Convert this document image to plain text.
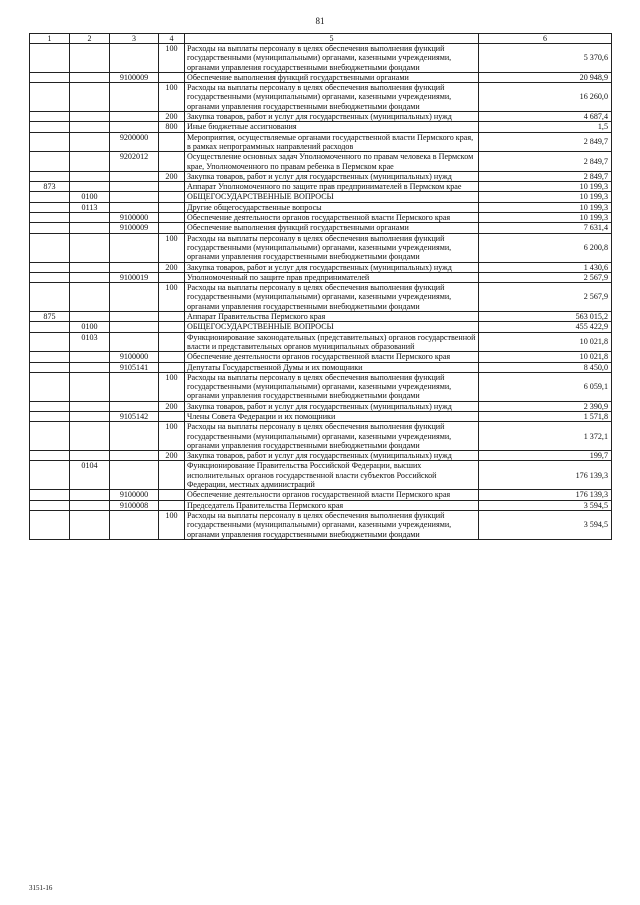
81
1	2	3	4	5	6
			100	Расходы на выплаты персоналу в целях обеспечения выполнения функций государственными (муниципальными) органами, казенными учреждениями, органами управления государственными внебюджетными фондами	5 370,6
		9100009		Обеспечение выполнения функций государственными органами	20 948,9
			100	Расходы на выплаты персоналу в целях обеспечения выполнения функций государственными (муниципальными) органами, казенными учреждениями, органами управления государственными внебюджетными фондами	16 260,0
			200	Закупка товаров, работ и услуг для государственных (муниципальных) нужд	4 687,4
			800	Иные бюджетные ассигнования	1,5
		9200000		Мероприятия, осуществляемые органами государственной власти Пермского края, в рамках непрограммных направлений расходов	2 849,7
		9202012		Осуществление основных задач Уполномоченного по правам человека в Пермском крае, Уполномоченного по правам ребенка в Пермском крае	2 849,7
			200	Закупка товаров, работ и услуг для государственных (муниципальных) нужд	2 849,7
873				Аппарат Уполномоченного по защите прав предпринимателей в Пермском крае	10 199,3
	0100			ОБЩЕГОСУДАРСТВЕННЫЕ ВОПРОСЫ	10 199,3
	0113			Другие общегосударственные вопросы	10 199,3
		9100000		Обеспечение деятельности органов государственной власти Пермского края	10 199,3
		9100009		Обеспечение выполнения функций государственными органами	7 631,4
			100	Расходы на выплаты персоналу в целях обеспечения выполнения функций государственными (муниципальными) органами, казенными учреждениями, органами управления государственными внебюджетными фондами	6 200,8
			200	Закупка товаров, работ и услуг для государственных (муниципальных) нужд	1 430,6
		9100019		Уполномоченный по защите прав предпринимателей	2 567,9
			100	Расходы на выплаты персоналу в целях обеспечения выполнения функций государственными (муниципальными) органами, казенными учреждениями, органами управления государственными внебюджетными фондами	2 567,9
875				Аппарат Правительства Пермского края	563 015,2
	0100			ОБЩЕГОСУДАРСТВЕННЫЕ ВОПРОСЫ	455 422,9
	0103			Функционирование законодательных (представительных) органов государственной власти и представительных органов муниципальных образований	10 021,8
		9100000		Обеспечение деятельности органов государственной власти Пермского края	10 021,8
		9105141		Депутаты Государственной Думы и их помощники	8 450,0
			100	Расходы на выплаты персоналу в целях обеспечения выполнения функций государственными (муниципальными) органами, казенными учреждениями, органами управления государственными внебюджетными фондами	6 059,1
			200	Закупка товаров, работ и услуг для государственных (муниципальных) нужд	2 390,9
		9105142		Члены Совета Федерации и их помощники	1 571,8
			100	Расходы на выплаты персоналу в целях обеспечения выполнения функций государственными (муниципальными) органами, казенными учреждениями, органами управления государственными внебюджетными фондами	1 372,1
			200	Закупка товаров, работ и услуг для государственных (муниципальных) нужд	199,7
	0104			Функционирование Правительства Российской Федерации, высших исполнительных органов государственной власти субъектов Российской Федерации, местных администраций	176 139,3
		9100000		Обеспечение деятельности органов государственной власти Пермского края	176 139,3
		9100008		Председатель Правительства Пермского края	3 594,5
			100	Расходы на выплаты персоналу в целях обеспечения выполнения функций государственными (муниципальными) органами, казенными учреждениями, органами управления государственными внебюджетными фондами	3 594,5
3151-16
